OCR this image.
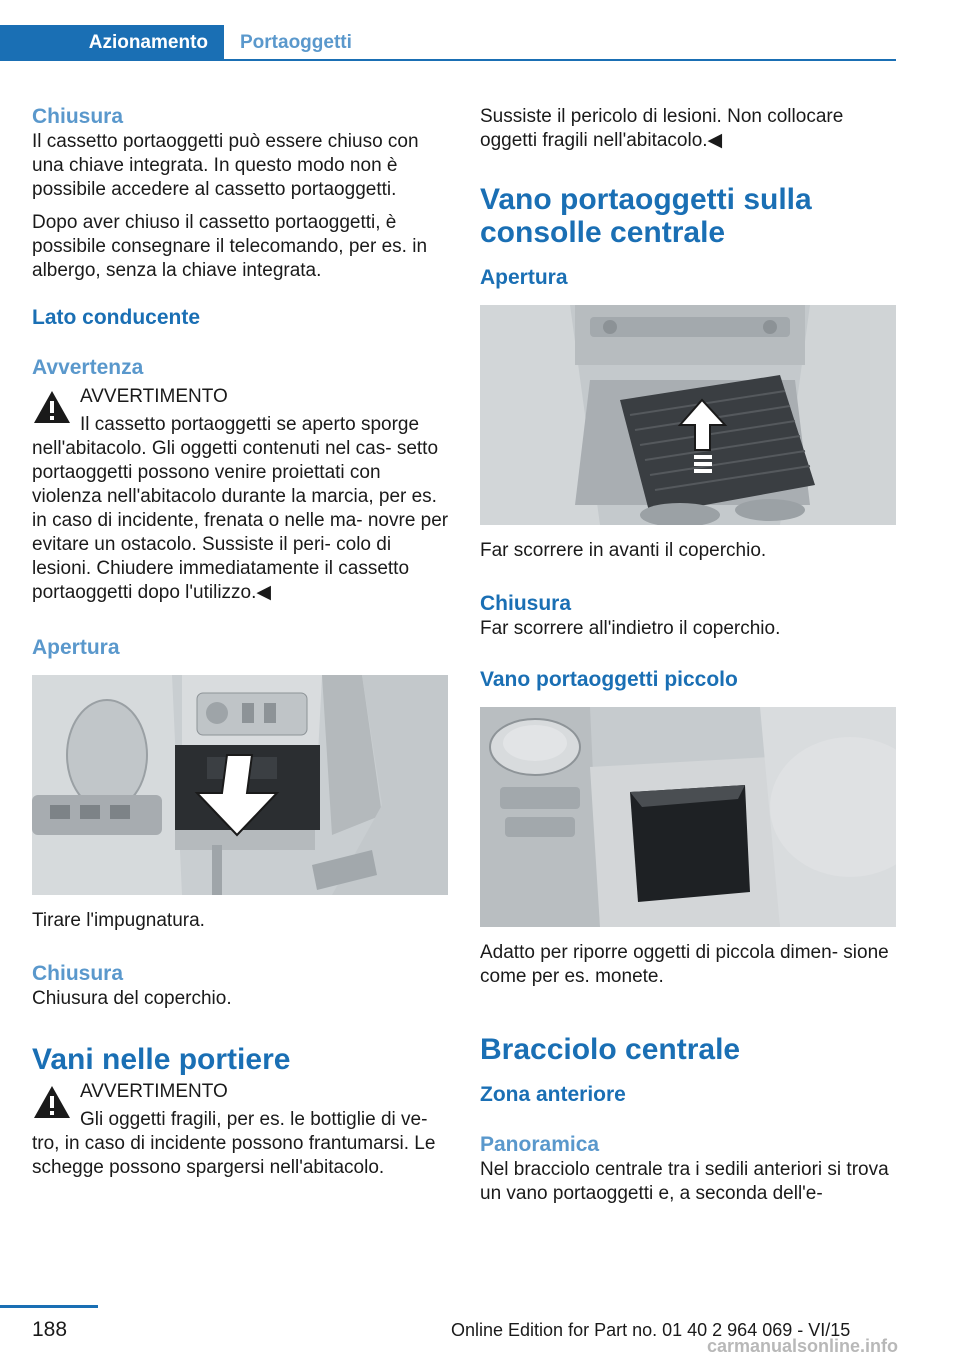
Azionamento	Portaoggetti
Chiusura

Il cassetto portaoggetti può essere chiuso con una chiave integrata. In questo modo non è possibile accedere al cassetto portaoggetti.

Dopo aver chiuso il cassetto portaoggetti, è possibile consegnare il telecomando, per es. in albergo, senza la chiave integrata.

Lato conducente
Avvertenza

AVVERTIMENTO

Il cassetto portaoggetti se aperto sporge

nell'abitacolo. Gli oggetti contenuti nel cas‐ setto portaoggetti possono venire proiettati con violenza nell'abitacolo durante la marcia, per es. in caso di incidente, frenata o nelle ma‐ novre per evitare un ostacolo. Sussiste il peri‐ colo di lesioni. Chiudere immediatamente il cassetto portaoggetti dopo l'utilizzo.◀

Apertura

Tirare l'impugnatura.

Chiusura

Chiusura del coperchio.

Vani nelle portiere

AVVERTIMENTO

Gli oggetti fragili, per es. le bottiglie di ve‐

tro, in caso di incidente possono frantumarsi. Le schegge possono spargersi nell'abitacolo.

Sussiste il pericolo di lesioni. Non collocare oggetti fragili nell'abitacolo.◀

Vano portaoggetti sulla consolle centrale
Apertura

Far scorrere in avanti il coperchio.

Chiusura

Far scorrere all'indietro il coperchio.

Vano portaoggetti piccolo

Adatto per riporre oggetti di piccola dimen‐ sione come per es. monete.

Bracciolo centrale
Zona anteriore
Panoramica

Nel bracciolo centrale tra i sedili anteriori si trova un vano portaoggetti e, a seconda dell'e‐

188	Online Edition for Part no. 01 40 2 964 069 - VI/15
carmanualsonline.info
